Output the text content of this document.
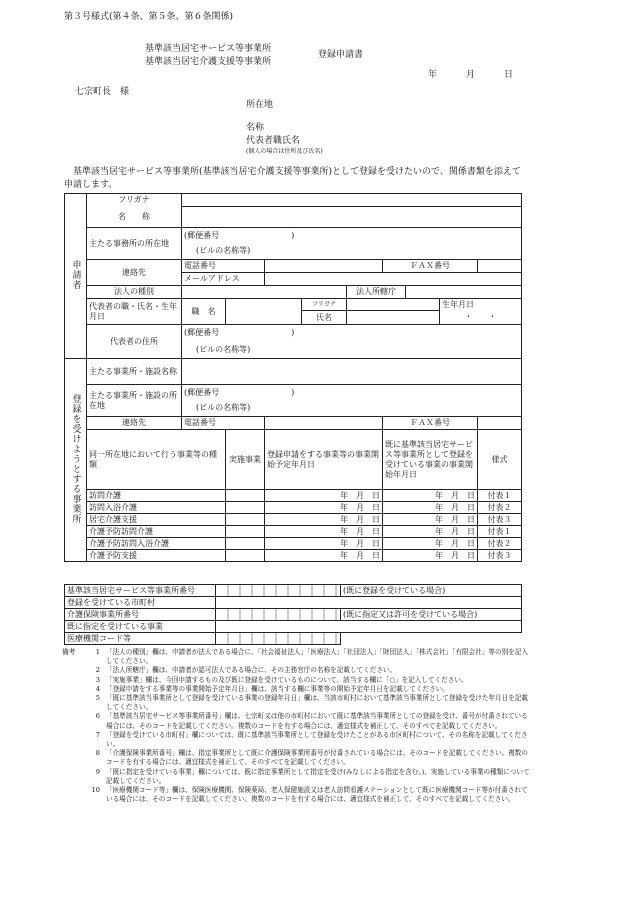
第３号様式(第４条、第５条、第６条関係)
基準該当居宅サービス等事業所
基準該当居宅介護支援等事業所
登録申請書
年	月	日
七宗町長　様
所在地
名称
代表者職氏名
(個人の場合は住所及び氏名)
基準該当居宅サービス等事業所(基準該当居宅介護支援等事業所)として登録を受けたいので、関係書類を添えて申請します。
申請者	フリガナ									
	名　　称									
	主たる事務所の所在地	(郵便番号　　　　　　　　　)								
		(ビルの名称等)								
	連絡先	電話番号					ＦＡＸ番号			
		メールアドレス								
	法人の種別					法人所轄庁				
	代表者の職・氏名・生年月日	職　名			フリガナ				生年月日	
					氏名				・　　・	
	代表者の住所	(郵便番号　　　　　　　　　)								
		(ビルの名称等)								
登録を受けようとする事業所	主たる事業所・施設名称									
	主たる事業所・施設の所在地	(郵便番号　　　　　　　　　)								
		(ビルの名称等)								
	連絡先	電話番号					ＦＡＸ番号			
	同一所在地において行う事業等の種類		実施事業	登録申請をする事業等の事業開始予定年月日			既に基準該当居宅サービス等事業所として登録を受けている事業の事業開始年月日			様式
	訪問介護			年　月　日			年　月　日			付表１
	訪問入浴介護			年　月　日			年　月　日			付表２
	居宅介護支援			年　月　日			年　月　日			付表３
	介護予防訪問介護			年　月　日			年　月　日			付表１
	介護予防訪問入浴介護			年　月　日			年　月　日			付表２
	介護予防支援			年　月　日			年　月　日			付表３
基準該当居宅サービス等事業所番号		(既に登録を受けている場合)
登録を受けている市町村		
介護保険事業所番号		(既に指定又は許可を受けている場合)
既に指定を受けている事業		
医療機関コード等		
備考	1 「法人の種別」欄は、申請者が法人である場合に、「社会福祉法人」「医療法人」「社団法人」「財団法人」「株式会社」「有限会社」等の別を記入してください。
2 「法人所轄庁」欄は、申請者が認可法人である場合に、その主務官庁の名称を記載してください。
3 「実施事業」欄は、今回申請するもの及び既に登録を受けているものについて、該当する欄に「○」を記入してください。
4 「登録申請をする事業等の事業開始予定年月日」欄は、該当する欄に事業等の開始予定年月日を記載してください。
5 「既に基準該当事業所として登録を受けている事業の登録年月日」欄は、当該市町村において基準該当事業所として登録を受けた年月日を記載してください。
6 「基準該当居宅サービス等事業所番号」欄は、七宗町又は他の市町村において既に基準該当事業所としての登録を受け、番号が付番されている場合には、そのコードを記載してください。複数のコードを有する場合には、適宜様式を補正して、そのすべてを記載してください。
7 「登録を受けている市町村」欄については、既に基準該当事業所として登録を受けたことがある市区町村について、その名称を記載してください。
8 「介護保険事業所番号」欄は、指定事業所として既に介護保険事業所番号が付番されている場合には、そのコードを記載してください。複数のコードを有する場合には、適宜様式を補正して、そのすべてを記載してください。
9 「既に指定を受けている事業」欄については、既に指定事業所として指定を受け(みなしによる指定を含む。)、実施している事業の種類について記載してください。
10 「医療機関コード等」欄は、保険医療機関、保険薬局、老人保健施設又は老人訪問看護ステーションとして既に医療機関コード等が付番されている場合には、そのコードを記載してください。複数のコードを有する場合には、適宜様式を補正して、そのすべてを記載してください。
